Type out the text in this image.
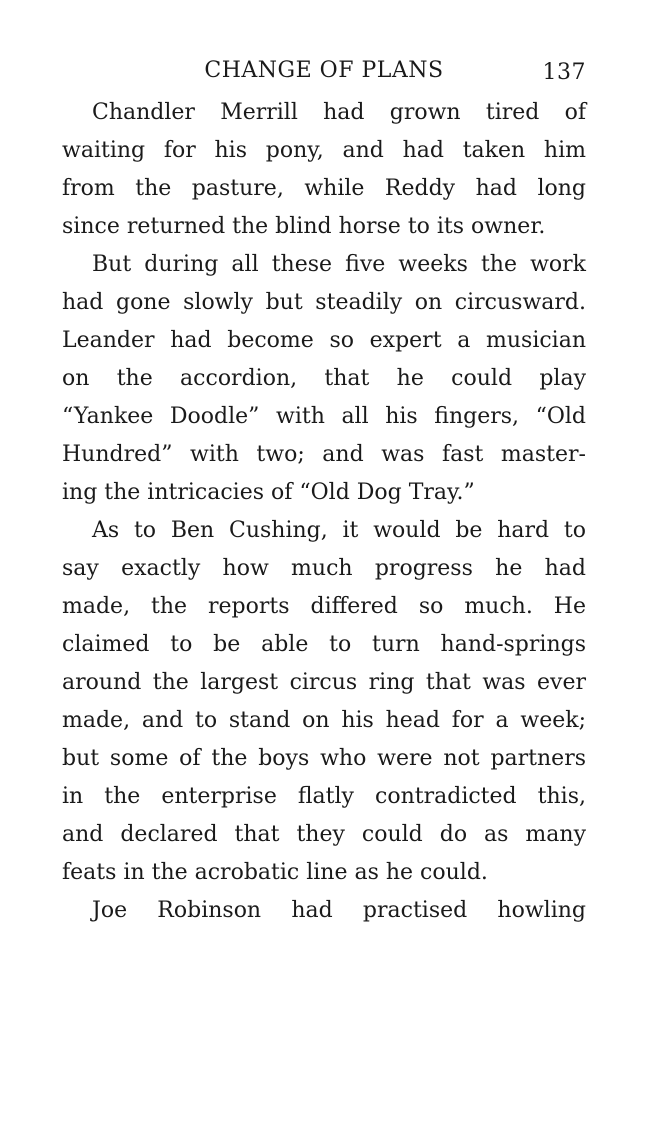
CHANGE OF PLANS	137
Chandler Merrill had grown tired of
waiting for his pony, and had taken him
from the pasture, while Reddy had long
since returned the blind horse to its owner.
But during all these five weeks the work
had gone slowly but steadily on circusward.
Leander had become so expert a musician
on the accordion, that he could play
“Yankee Doodle” with all his fingers, “Old
Hundred” with two; and was fast master-
ing the intricacies of “Old Dog Tray.”
As to Ben Cushing, it would be hard to
say exactly how much progress he had
made, the reports differed so much. He
claimed to be able to turn hand-springs
around the largest circus ring that was ever
made, and to stand on his head for a week;
but some of the boys who were not partners
in the enterprise flatly contradicted this,
and declared that they could do as many
feats in the acrobatic line as he could.
Joe Robinson had practised howling
